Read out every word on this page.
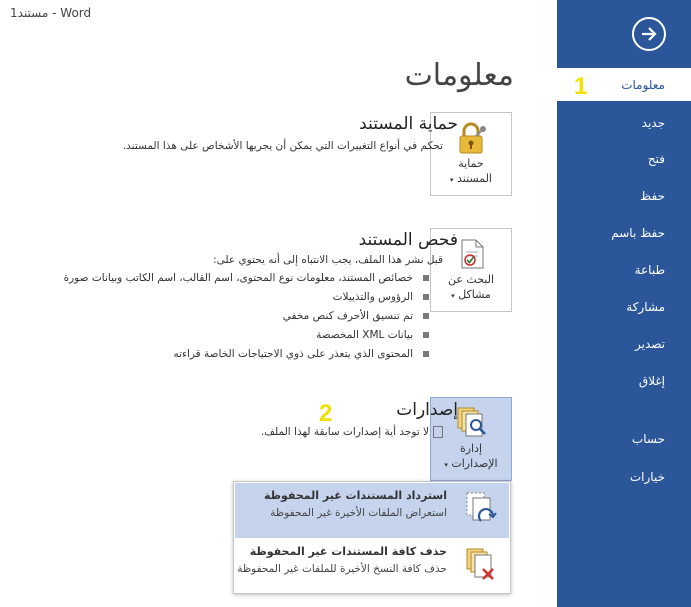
مستند1 - Word
معلومات
جديد
فتح
حفظ
حفظ باسم
طباعة
مشاركة
تصدير
إغلاق
حساب
خيارات
1
2
معلومات
حماية
المستند ▾
حماية المستند
تحكم في أنواع التغييرات التي يمكن أن يجريها الأشخاص على هذا المستند.
البحث عن
مشاكل ▾
فحص المستند
قبل نشر هذا الملف، يجب الانتباه إلى أنه يحتوي على:
خصائص المستند، معلومات نوع المحتوى، اسم القالب، اسم الكاتب وبيانات صورة
الرؤوس والتذييلات
تم تنسيق الأحرف كنص مخفي
بيانات XML المخصصة
المحتوى الذي يتعذر على ذوي الاحتياجات الخاصة قراءته
إدارة
الإصدارات ▾
إصدارات
لا توجد أية إصدارات سابقة لهذا الملف.
استرداد المستندات غير المحفوظة
استعراض الملفات الأخيرة غير المحفوظة
حذف كافة المستندات غير المحفوظة
حذف كافة النسخ الأخيرة للملفات غير المحفوظة
